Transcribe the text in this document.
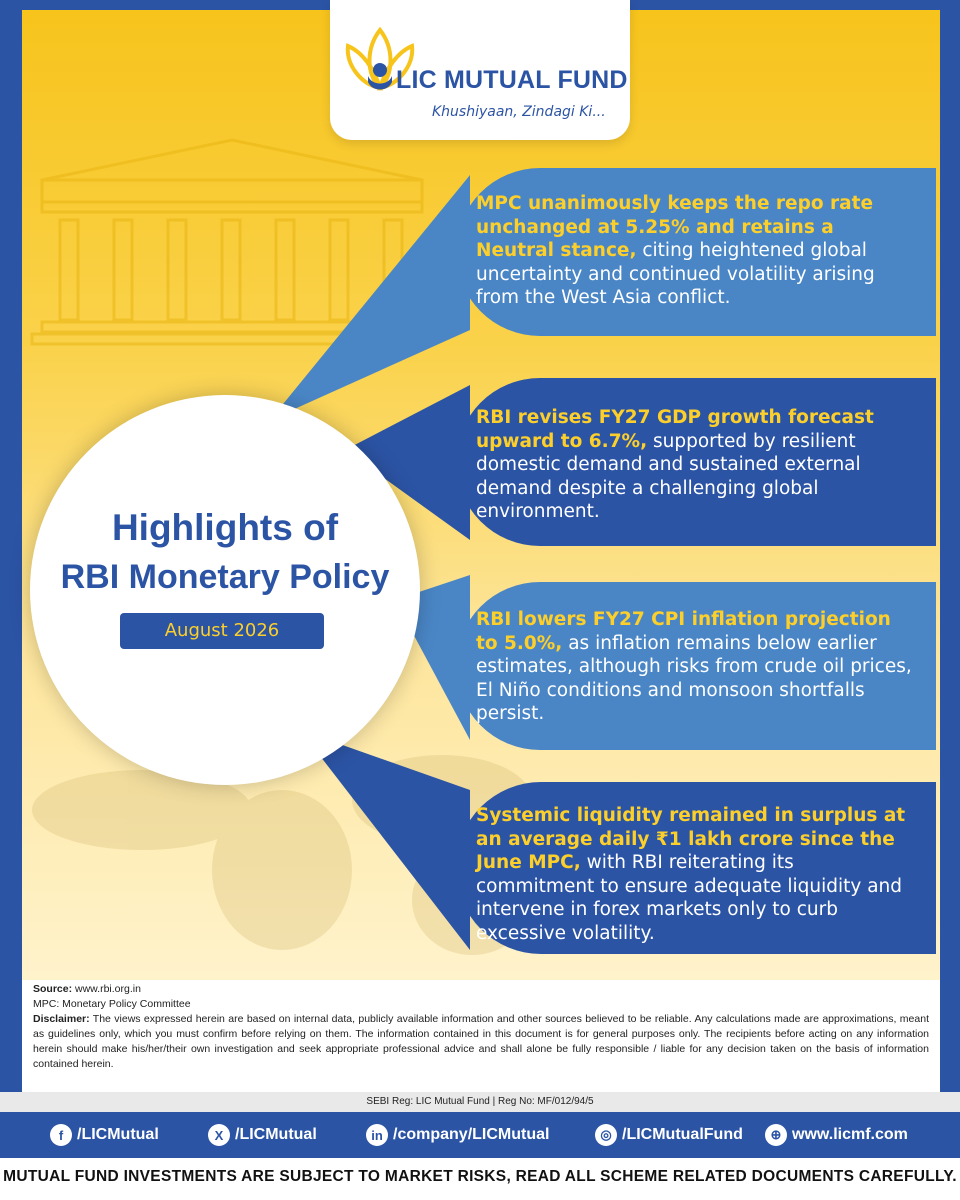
LIC MUTUAL FUND
Khushiyaan, Zindagi Ki...
MPC unanimously keeps the repo rate unchanged at 5.25% and retains a Neutral stance, citing heightened global uncertainty and continued volatility arising from the West Asia conflict.
RBI revises FY27 GDP growth forecast upward to 6.7%, supported by resilient domestic demand and sustained external demand despite a challenging global environment.
RBI lowers FY27 CPI inflation projection to 5.0%, as inflation remains below earlier estimates, although risks from crude oil prices, El Niño conditions and monsoon shortfalls persist.
Systemic liquidity remained in surplus at an average daily ₹1 lakh crore since the June MPC, with RBI reiterating its commitment to ensure adequate liquidity and intervene in forex markets only to curb excessive volatility.
Highlights of
RBI Monetary Policy
August 2026
Source: www.rbi.org.in
MPC: Monetary Policy Committee
Disclaimer: The views expressed herein are based on internal data, publicly available information and other sources believed to be reliable. Any calculations made are approximations, meant as guidelines only, which you must confirm before relying on them. The information contained in this document is for general purposes only. The recipients before acting on any information herein should make his/her/their own investigation and seek appropriate professional advice and shall alone be fully responsible / liable for any decision taken on the basis of information contained herein.
SEBI Reg: LIC Mutual Fund | Reg No: MF/012/94/5
f /LICMutual	X /LICMutual	in /company/LICMutual	◎ /LICMutualFund	⊕ www.licmf.com
MUTUAL FUND INVESTMENTS ARE SUBJECT TO MARKET RISKS, READ ALL SCHEME RELATED DOCUMENTS CAREFULLY.
